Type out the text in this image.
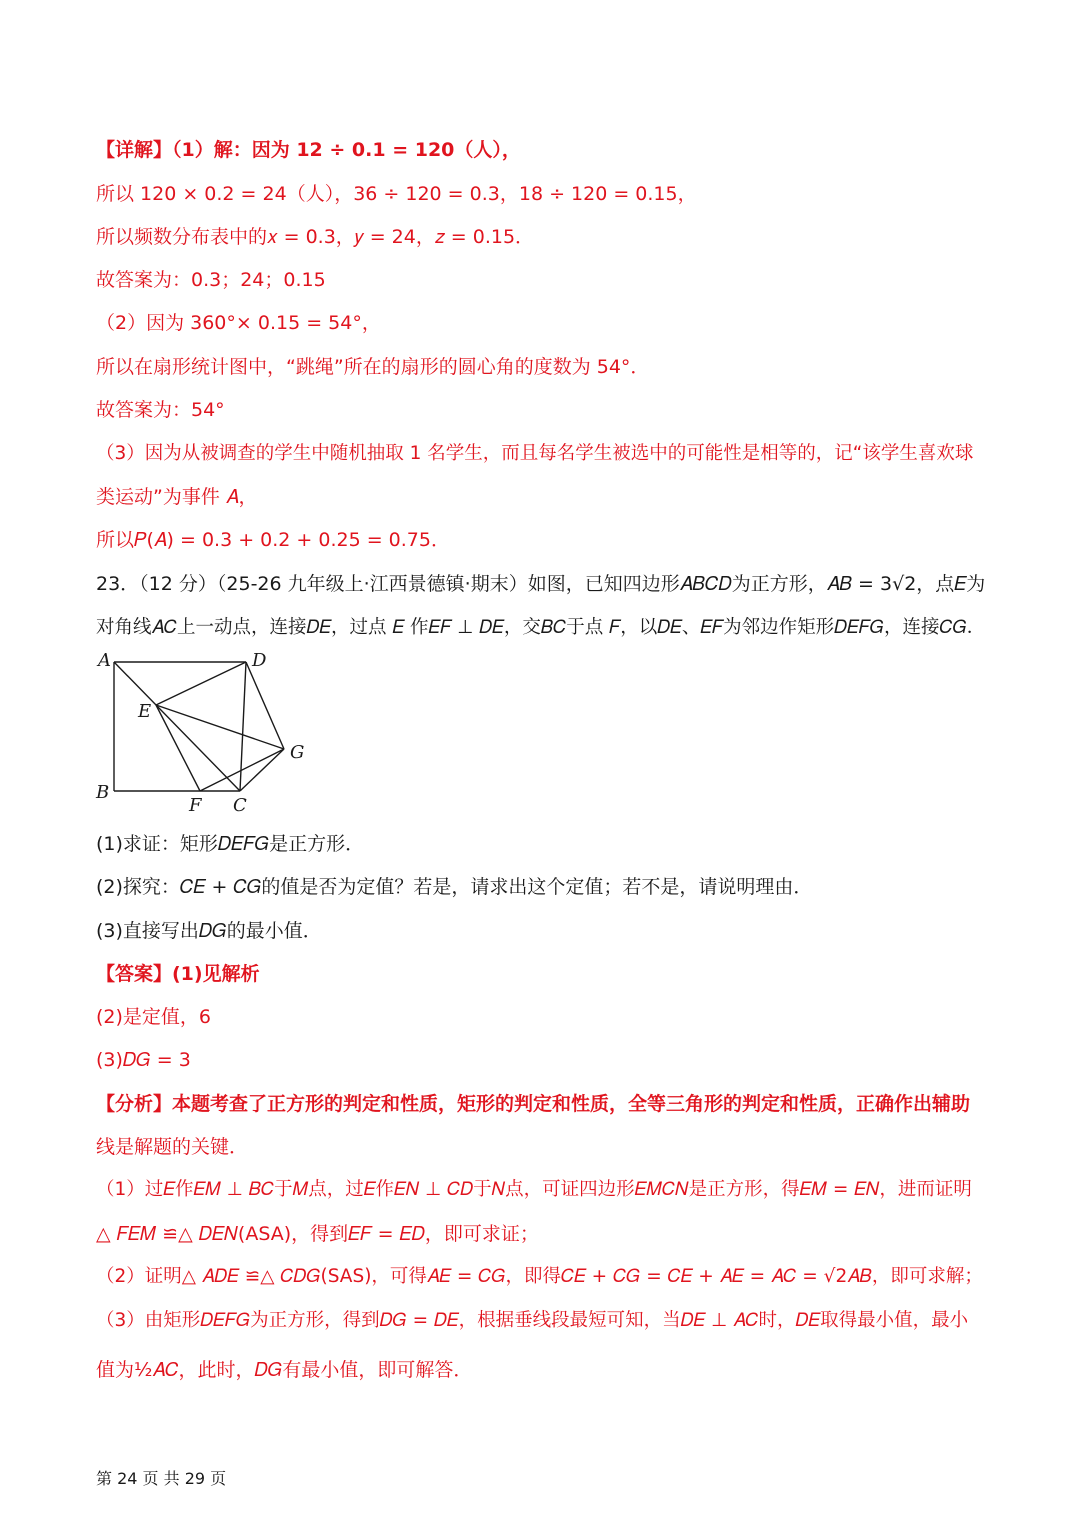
【详解】（1）解：因为 12 ÷ 0.1 = 120（人），
所以 120 × 0.2 = 24（人），36 ÷ 120 = 0.3，18 ÷ 120 = 0.15，
所以频数分布表中的𝑥 = 0.3，𝑦 = 24，𝑧 = 0.15．
故答案为：0.3；24；0.15
（2）因为 360°× 0.15 = 54°，
所以在扇形统计图中，“跳绳”所在的扇形的圆心角的度数为 54°．
故答案为：54°
（3）因为从被调查的学生中随机抽取 1 名学生，而且每名学生被选中的可能性是相等的，记“该学生喜欢球
类运动”为事件 𝐴，
所以𝑃(𝐴) = 0.3 + 0.2 + 0.25 = 0.75．
23．（12 分）（25-26 九年级上·江西景德镇·期末）如图，已知四边形𝐴𝐵𝐶𝐷为正方形，𝐴𝐵 = 3√2，点𝐸为
对角线𝐴𝐶上一动点，连接𝐷𝐸，过点 𝐸 作𝐸𝐹 ⊥ 𝐷𝐸，交𝐵𝐶于点 𝐹，以𝐷𝐸、𝐸𝐹为邻边作矩形𝐷𝐸𝐹𝐺，连接𝐶𝐺．
A	D
E
G
B
F C
(1)求证：矩形𝐷𝐸𝐹𝐺是正方形．
(2)探究：𝐶𝐸 + 𝐶𝐺的值是否为定值？若是，请求出这个定值；若不是，请说明理由．
(3)直接写出𝐷𝐺的最小值．
【答案】(1)见解析
(2)是定值，6
(3)𝐷𝐺 = 3
【分析】本题考查了正方形的判定和性质，矩形的判定和性质，全等三角形的判定和性质，正确作出辅助
线是解题的关键．
（1）过𝐸作𝐸𝑀 ⊥ 𝐵𝐶于𝑀点，过𝐸作𝐸𝑁 ⊥ 𝐶𝐷于𝑁点，可证四边形𝐸𝑀𝐶𝑁是正方形，得𝐸𝑀 = 𝐸𝑁，进而证明
△ 𝐹𝐸𝑀 ≌△ 𝐷𝐸𝑁(ASA)，得到𝐸𝐹 = 𝐸𝐷，即可求证；
（2）证明△ 𝐴𝐷𝐸 ≌△ 𝐶𝐷𝐺(SAS)，可得𝐴𝐸 = 𝐶𝐺，即得𝐶𝐸 + 𝐶𝐺 = 𝐶𝐸 + 𝐴𝐸 = 𝐴𝐶 = √2𝐴𝐵，即可求解；
（3）由矩形𝐷𝐸𝐹𝐺为正方形，得到𝐷𝐺 = 𝐷𝐸，根据垂线段最短可知，当𝐷𝐸 ⊥ 𝐴𝐶时，𝐷𝐸取得最小值，最小
值为½𝐴𝐶，此时，𝐷𝐺有最小值，即可解答．
第 24 页 共 29 页
